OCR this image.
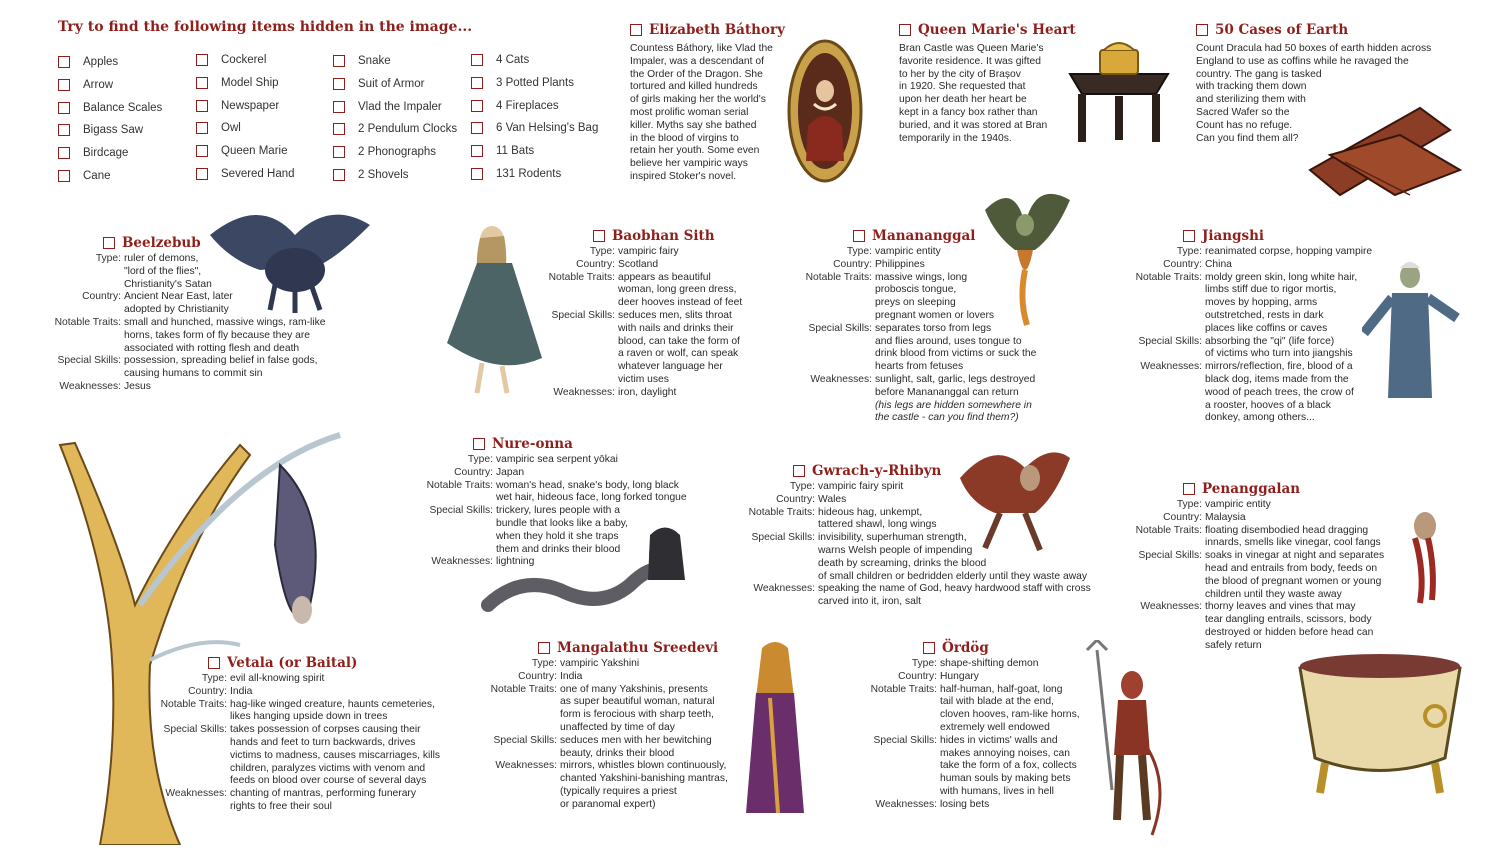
Try to find the following items hidden in the image...
Apples
Arrow
Balance Scales
Bigass Saw
Birdcage
Cane
Cockerel
Model Ship
Newspaper
Owl
Queen Marie
Severed Hand
Snake
Suit of Armor
Vlad the Impaler
2 Pendulum Clocks
2 Phonographs
2 Shovels
4 Cats
3 Potted Plants
4 Fireplaces
6 Van Helsing's Bag
11 Bats
131 Rodents
Elizabeth Báthory
Countess Báthory, like Vlad the
Impaler, was a descendant of
the Order of the Dragon. She
tortured and killed hundreds
of girls making her the world's
most prolific woman serial
killer. Myths say she bathed
in the blood of virgins to
retain her youth. Some even
believe her vampiric ways
inspired Stoker's novel.
Queen Marie's Heart
Bran Castle was Queen Marie's
favorite residence. It was gifted
to her by the city of Brașov
in 1920. She requested that
upon her death her heart be
kept in a fancy box rather than
buried, and it was stored at Bran
temporarily in the 1940s.
50 Cases of Earth
Count Dracula had 50 boxes of earth hidden across
England to use as coffins while he ravaged the
country. The gang is tasked
with tracking them down
and sterilizing them with
Sacred Wafer so the
Count has no refuge.
Can you find them all?
Beelzebub
Type: ruler of demons,
"lord of the flies",
Christianity's Satan
Country: Ancient Near East, later
adopted by Christianity
Notable Traits: small and hunched, massive wings, ram-like
horns, takes form of fly because they are
associated with rotting flesh and death
Special Skills: possession, spreading belief in false gods,
causing humans to commit sin
Weaknesses: Jesus
Baobhan Sith
Type: vampiric fairy
Country: Scotland
Notable Traits: appears as beautiful
woman, long green dress,
deer hooves instead of feet
Special Skills: seduces men, slits throat
with nails and drinks their
blood, can take the form of
a raven or wolf, can speak
whatever language her
victim uses
Weaknesses: iron, daylight
Manananggal
Type: vampiric entity
Country: Philippines
Notable Traits: massive wings, long
proboscis tongue,
preys on sleeping
pregnant women or lovers
Special Skills: separates torso from legs
and flies around, uses tongue to
drink blood from victims or suck the
hearts from fetuses
Weaknesses: sunlight, salt, garlic, legs destroyed
before Manananggal can return
(his legs are hidden somewhere in
the castle - can you find them?)
Jiangshi
Type: reanimated corpse, hopping vampire
Country: China
Notable Traits: moldy green skin, long white hair,
limbs stiff due to rigor mortis,
moves by hopping, arms
outstretched, rests in dark
places like coffins or caves
Special Skills: absorbing the "qi" (life force)
of victims who turn into jiangshis
Weaknesses: mirrors/reflection, fire, blood of a
black dog, items made from the
wood of peach trees, the crow of
a rooster, hooves of a black
donkey, among others...
Nure-onna
Type: vampiric sea serpent yōkai
Country: Japan
Notable Traits: woman's head, snake's body, long black
wet hair, hideous face, long forked tongue
Special Skills: trickery, lures people with a
bundle that looks like a baby,
when they hold it she traps
them and drinks their blood
Weaknesses: lightning
Gwrach-y-Rhibyn
Type: vampiric fairy spirit
Country: Wales
Notable Traits: hideous hag, unkempt,
tattered shawl, long wings
Special Skills: invisibility, superhuman strength,
warns Welsh people of impending
death by screaming, drinks the blood
of small children or bedridden elderly until they waste away
Weaknesses: speaking the name of God, heavy hardwood staff with cross
carved into it, iron, salt
Penanggalan
Type: vampiric entity
Country: Malaysia
Notable Traits: floating disembodied head dragging
innards, smells like vinegar, cool fangs
Special Skills: soaks in vinegar at night and separates
head and entrails from body, feeds on
the blood of pregnant women or young
children until they waste away
Weaknesses: thorny leaves and vines that may
tear dangling entrails, scissors, body
destroyed or hidden before head can
safely return
Vetala (or Baital)
Type: evil all-knowing spirit
Country: India
Notable Traits: hag-like winged creature, haunts cemeteries,
likes hanging upside down in trees
Special Skills: takes possession of corpses causing their
hands and feet to turn backwards, drives
victims to madness, causes miscarriages, kills
children, paralyzes victims with venom and
feeds on blood over course of several days
Weaknesses: chanting of mantras, performing funerary
rights to free their soul
Mangalathu Sreedevi
Type: vampiric Yakshini
Country: India
Notable Traits: one of many Yakshinis, presents
as super beautiful woman, natural
form is ferocious with sharp teeth,
unaffected by time of day
Special Skills: seduces men with her bewitching
beauty, drinks their blood
Weaknesses: mirrors, whistles blown continuously,
chanted Yakshini-banishing mantras,
(typically requires a priest
or paranomal expert)
Ördög
Type: shape-shifting demon
Country: Hungary
Notable Traits: half-human, half-goat, long
tail with blade at the end,
cloven hooves, ram-like horns,
extremely well endowed
Special Skills: hides in victims' walls and
makes annoying noises, can
take the form of a fox, collects
human souls by making bets
with humans, lives in hell
Weaknesses: losing bets
